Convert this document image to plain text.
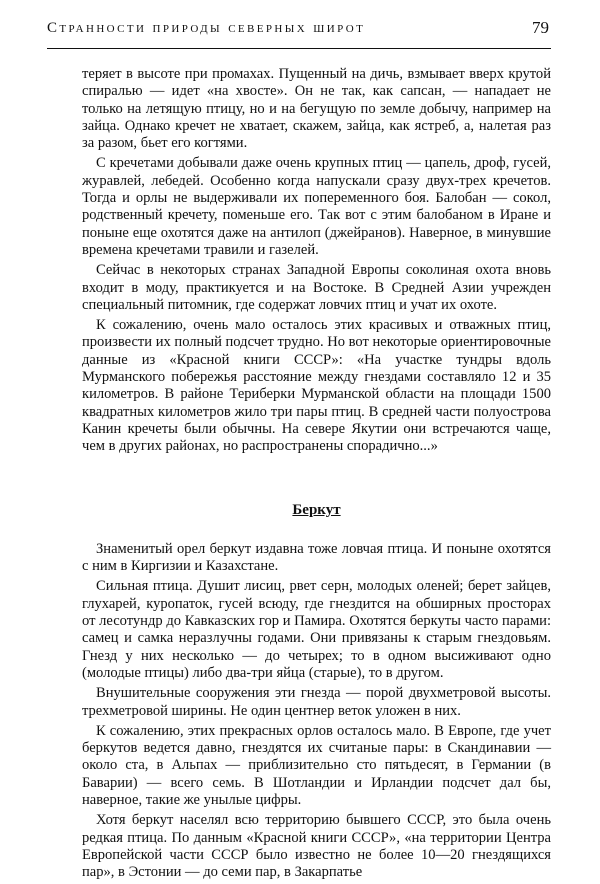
Странности природы северных широт	79

теряет в высоте при промахах. Пущенный на дичь, взмывает вверх крутой спиралью — идет «на хвосте». Он не так, как сапсан, — нападает не только на летящую птицу, но и на бегущую по земле добычу, например на зайца. Однако кречет не хватает, скажем, зайца, как ястреб, а, налетая раз за разом, бьет его когтями.

С кречетами добывали даже очень крупных птиц — цапель, дроф, гусей, журавлей, лебедей. Особенно когда напускали сразу двух-трех кречетов. Тогда и орлы не выдерживали их попеременного боя. Балобан — сокол, родственный кречету, поменьше его. Так вот с этим балобаном в Иране и поныне еще охотятся даже на антилоп (джейранов). Наверное, в минувшие времена кречетами травили и газелей.

Сейчас в некоторых странах Западной Европы соколиная охота вновь входит в моду, практикуется и на Востоке. В Средней Азии учрежден специальный питомник, где содержат ловчих птиц и учат их охоте.

К сожалению, очень мало осталось этих красивых и отважных птиц, произвести их полный подсчет трудно. Но вот некоторые ориентировочные данные из «Красной книги СССР»: «На участке тундры вдоль Мурманского побережья расстояние между гнездами составляло 12 и 35 километров. В районе Териберки Мурманской области на площади 1500 квадратных километров жило три пары птиц. В средней части полуострова Канин кречеты были обычны. На севере Якутии они встречаются чаще, чем в других районах, но распространены спорадично...»

Беркут

Знаменитый орел беркут издавна тоже ловчая птица. И поныне охотятся с ним в Киргизии и Казахстане.

Сильная птица. Душит лисиц, рвет серн, молодых оленей; берет зайцев, глухарей, куропаток, гусей всюду, где гнездится на обширных просторах от лесотундр до Кавказских гор и Памира. Охотятся беркуты часто парами: самец и самка неразлучны годами. Они привязаны к старым гнездовьям. Гнезд у них несколько — до четырех; то в одном высиживают одно (молодые птицы) либо два-три яйца (старые), то в другом.

Внушительные сооружения эти гнезда — порой двухметровой высоты. трехметровой ширины. Не один центнер веток уложен в них.

К сожалению, этих прекрасных орлов осталось мало. В Европе, где учет беркутов ведется давно, гнездятся их считаные пары: в Скандинавии — около ста, в Альпах — приблизительно сто пятьдесят, в Германии (в Баварии) — всего семь. В Шотландии и Ирландии подсчет дал бы, наверное, такие же унылые цифры.

Хотя беркут населял всю территорию бывшего СССР, это была очень редкая птица. По данным «Красной книги СССР», «на территории Центра Европейской части СССР было известно не более 10—20 гнездящихся пар», в Эстонии — до семи пар, в Закарпатье
